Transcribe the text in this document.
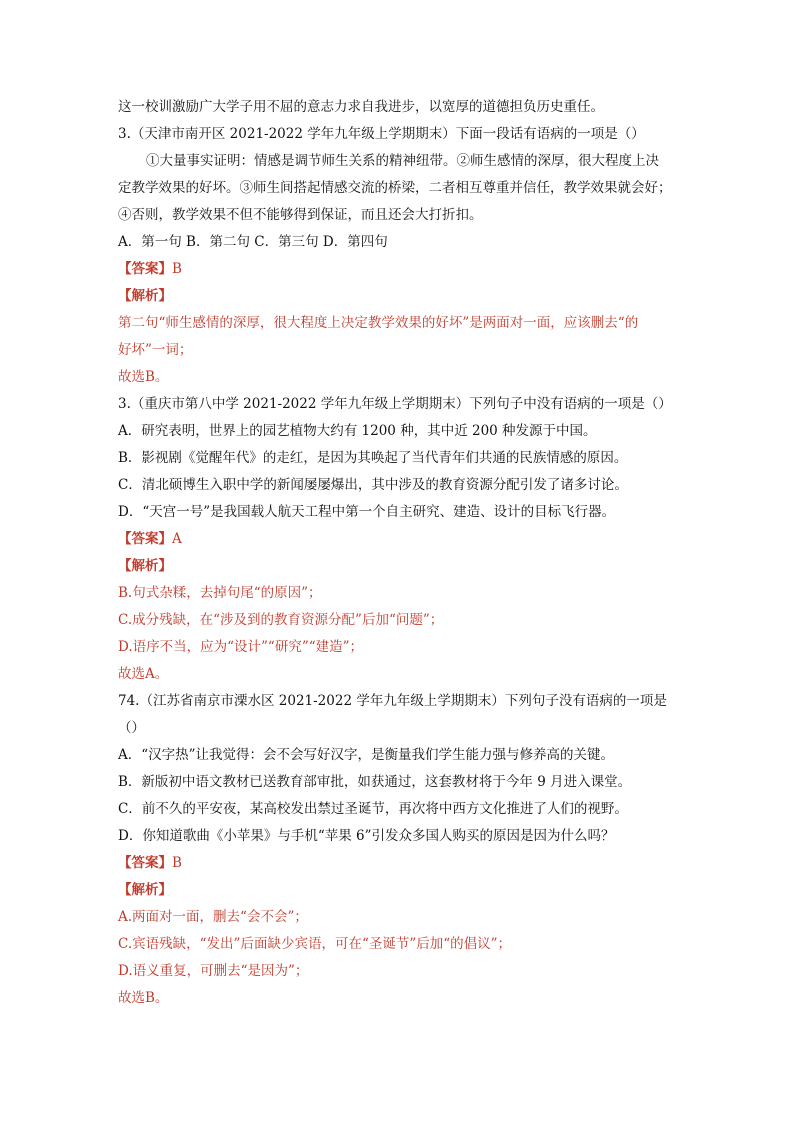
这一校训激励广大学子用不屈的意志力求自我进步，以宽厚的道德担负历史重任。
3.（天津市南开区 2021-2022 学年九年级上学期期末）下面一段话有语病的一项是（）
①大量事实证明：情感是调节师生关系的精神纽带。②师生感情的深厚，很大程度上决
定教学效果的好坏。③师生间搭起情感交流的桥梁，二者相互尊重并信任，教学效果就会好；
④否则，教学效果不但不能够得到保证，而且还会大打折扣。
A．第一句 B．第二句 C．第三句 D．第四句
【答案】B
【解析】
第二句“师生感情的深厚，很大程度上决定教学效果的好坏”是两面对一面，应该删去“的
好坏”一词；
故选B。
3.（重庆市第八中学 2021-2022 学年九年级上学期期末）下列句子中没有语病的一项是（）
A．研究表明，世界上的园艺植物大约有 1200 种，其中近 200 种发源于中国。
B．影视剧《觉醒年代》的走红，是因为其唤起了当代青年们共通的民族情感的原因。
C．清北硕博生入职中学的新闻屡屡爆出，其中涉及的教育资源分配引发了诸多讨论。
D．“天宫一号”是我国载人航天工程中第一个自主研究、建造、设计的目标飞行器。
【答案】A
【解析】
B.句式杂糅，去掉句尾“的原因”；
C.成分残缺，在“涉及到的教育资源分配”后加“问题”；
D.语序不当，应为“设计”“研究”“建造”；
故选A。
74.（江苏省南京市溧水区 2021-2022 学年九年级上学期期末）下列句子没有语病的一项是
（）
A．“汉字热”让我觉得：会不会写好汉字，是衡量我们学生能力强与修养高的关键。
B．新版初中语文教材已送教育部审批，如获通过，这套教材将于今年 9 月进入课堂。
C．前不久的平安夜，某高校发出禁过圣诞节，再次将中西方文化推进了人们的视野。
D．你知道歌曲《小苹果》与手机“苹果 6”引发众多国人购买的原因是因为什么吗？
【答案】B
【解析】
A.两面对一面，删去“会不会”；
C.宾语残缺，“发出”后面缺少宾语，可在“圣诞节”后加“的倡议”；
D.语义重复，可删去“是因为”；
故选B。
